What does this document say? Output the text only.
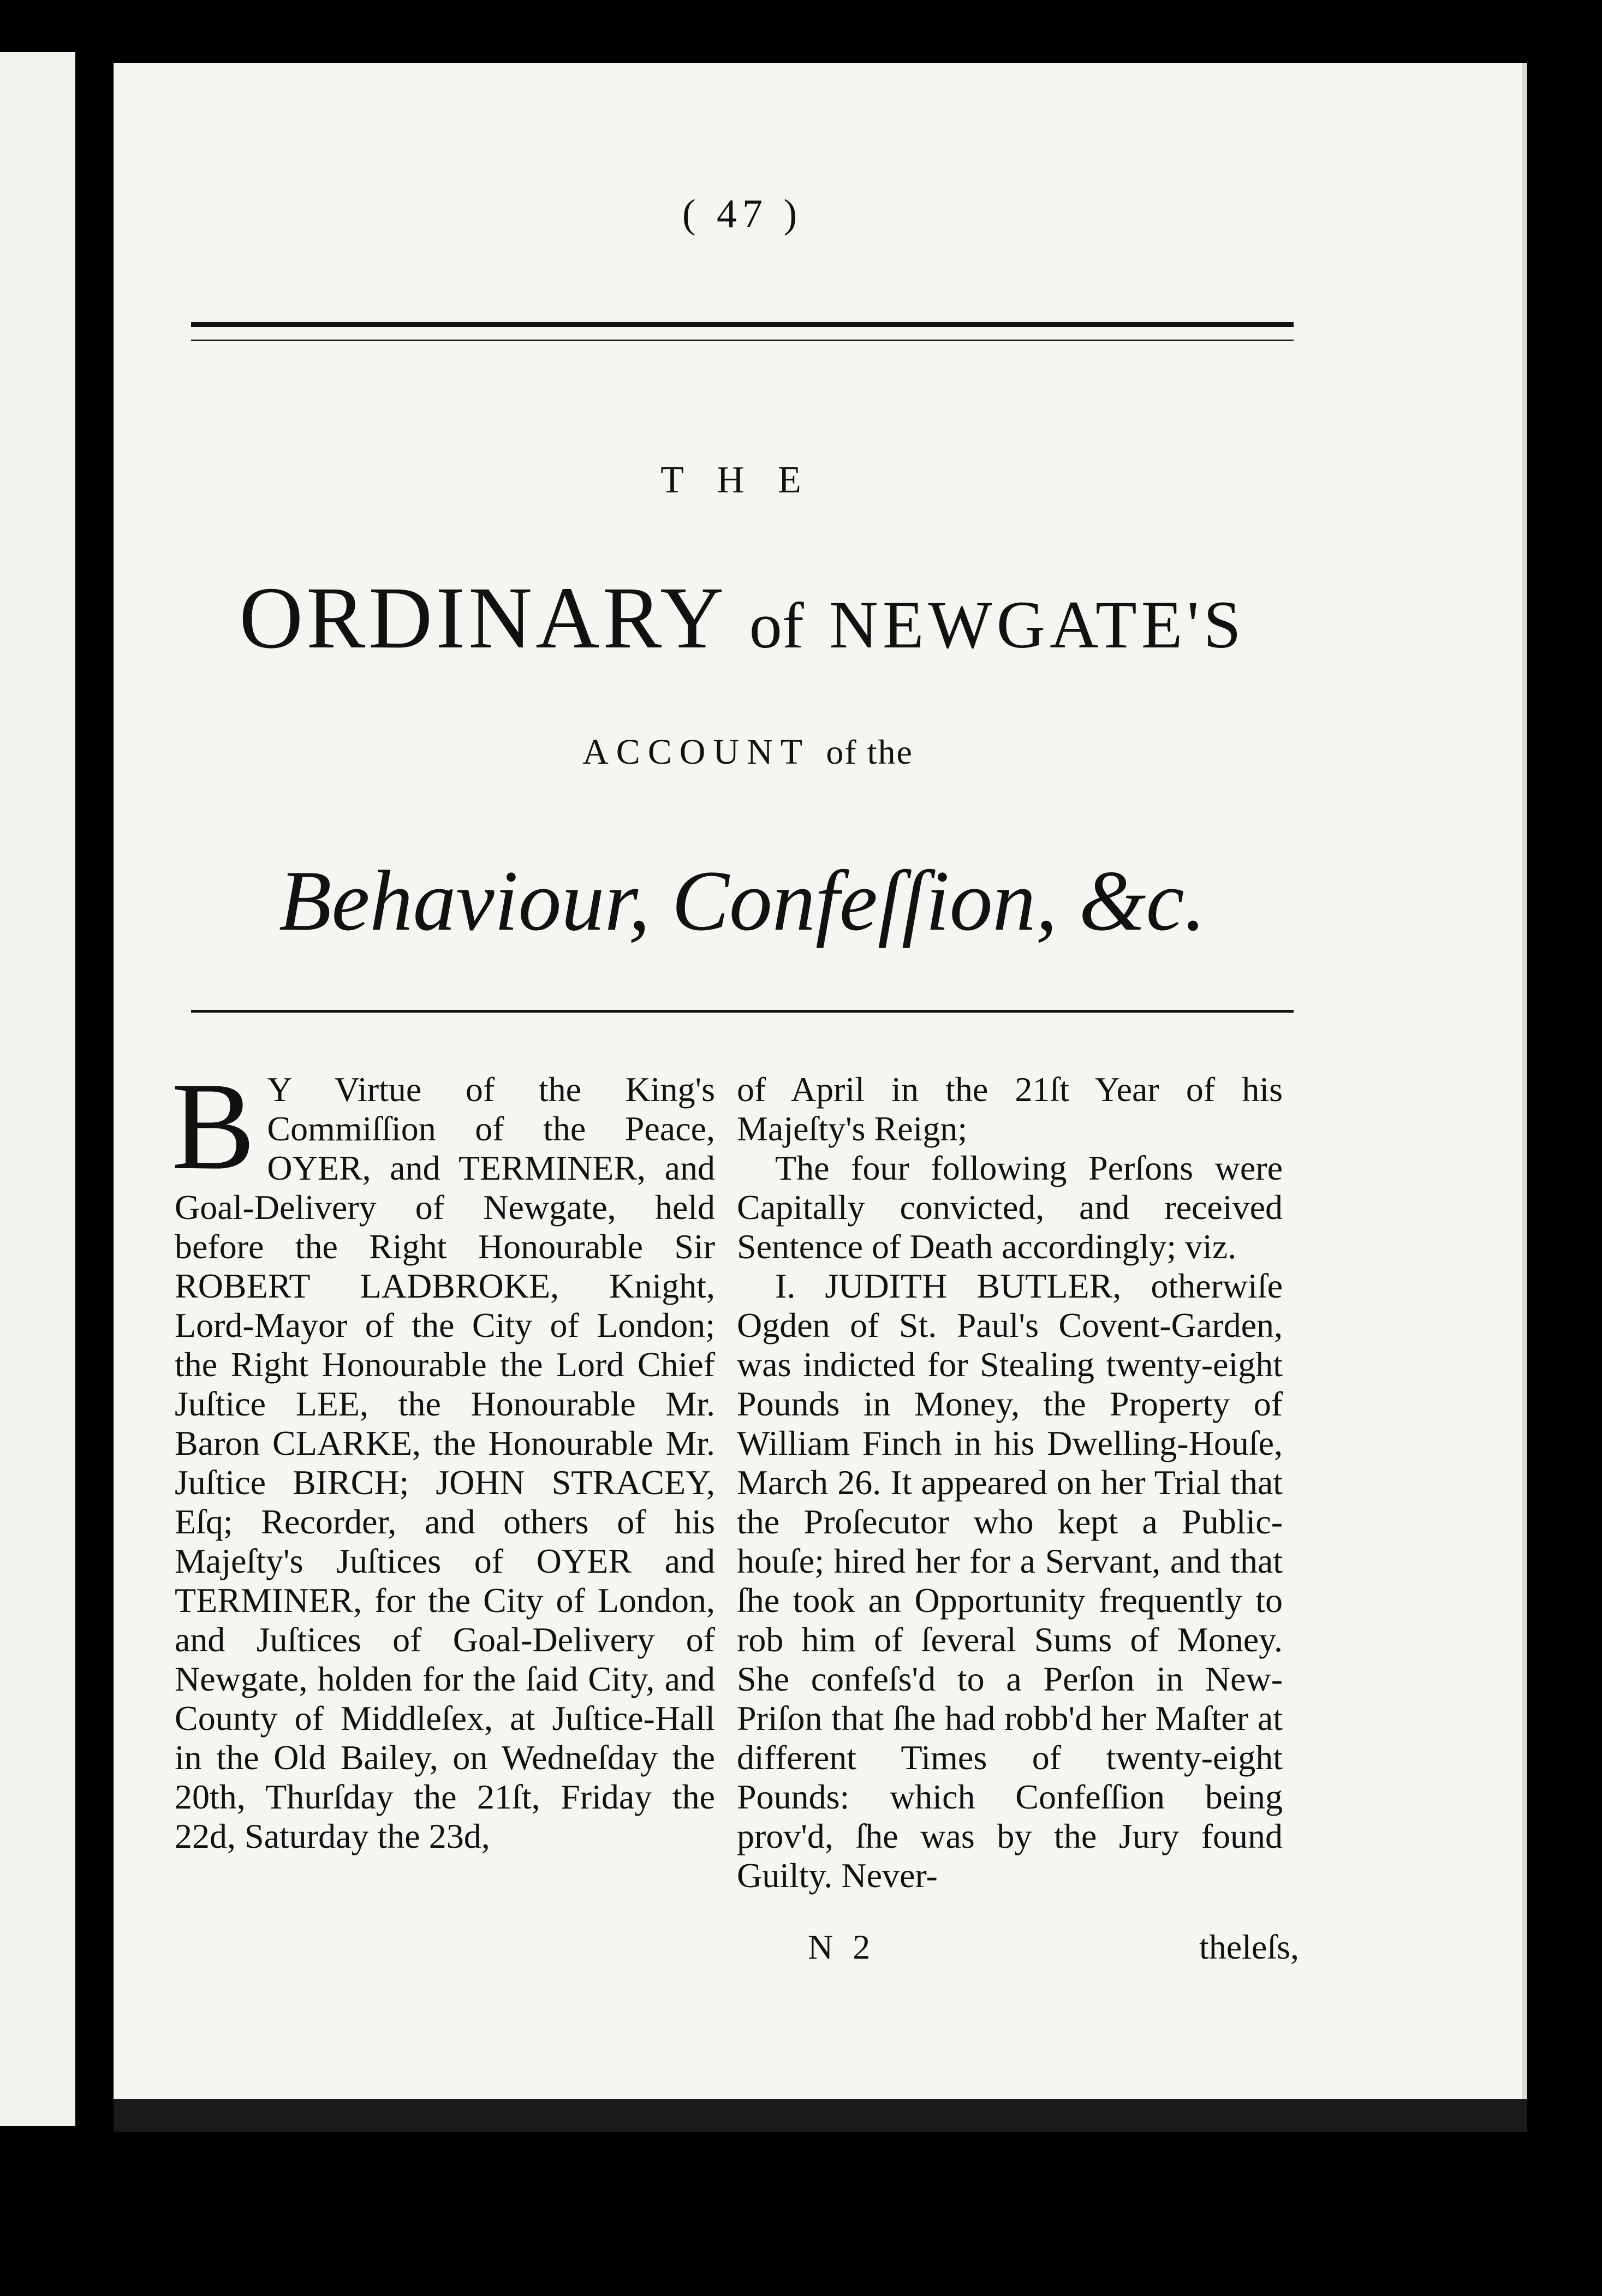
( 47 )
T H E
ORDINARY of NEWGATE'S
ACCOUNT of the
Behaviour, Confeſſion, &c.
B Y Virtue of the King's Commiſſion of the Peace, OYER, and TERMINER, and Goal-Delivery of Newgate, held before the Right Honourable Sir ROBERT LADBROKE, Knight, Lord-Mayor of the City of London; the Right Honourable the Lord Chief Juſtice LEE, the Honourable Mr. Baron CLARKE, the Honourable Mr. Juſtice BIRCH; JOHN STRACEY, Eſq; Recorder, and others of his Majeſty's Juſtices of OYER and TERMINER, for the City of London, and Juſtices of Goal-Delivery of Newgate, holden for the ſaid City, and County of Middleſex, at Juſtice-Hall in the Old Bailey, on Wedneſday the 20th, Thurſday the 21ſt, Friday the 22d, Saturday the 23d,

of April in the 21ſt Year of his Majeſty's Reign;

The four following Perſons were Capitally convicted, and received Sentence of Death accordingly; viz.

I. JUDITH BUTLER, otherwiſe Ogden of St. Paul's Covent-Garden, was indicted for Stealing twenty-eight Pounds in Money, the Property of William Finch in his Dwelling-Houſe, March 26. It appeared on her Trial that the Proſecutor who kept a Public-houſe; hired her for a Servant, and that ſhe took an Opportunity frequently to rob him of ſeveral Sums of Money. She confeſs'd to a Perſon in New-Priſon that ſhe had robb'd her Maſter at different Times of twenty-eight Pounds: which Confeſſion being prov'd, ſhe was by the Jury found Guilty. Never-

N 2	theleſs,
